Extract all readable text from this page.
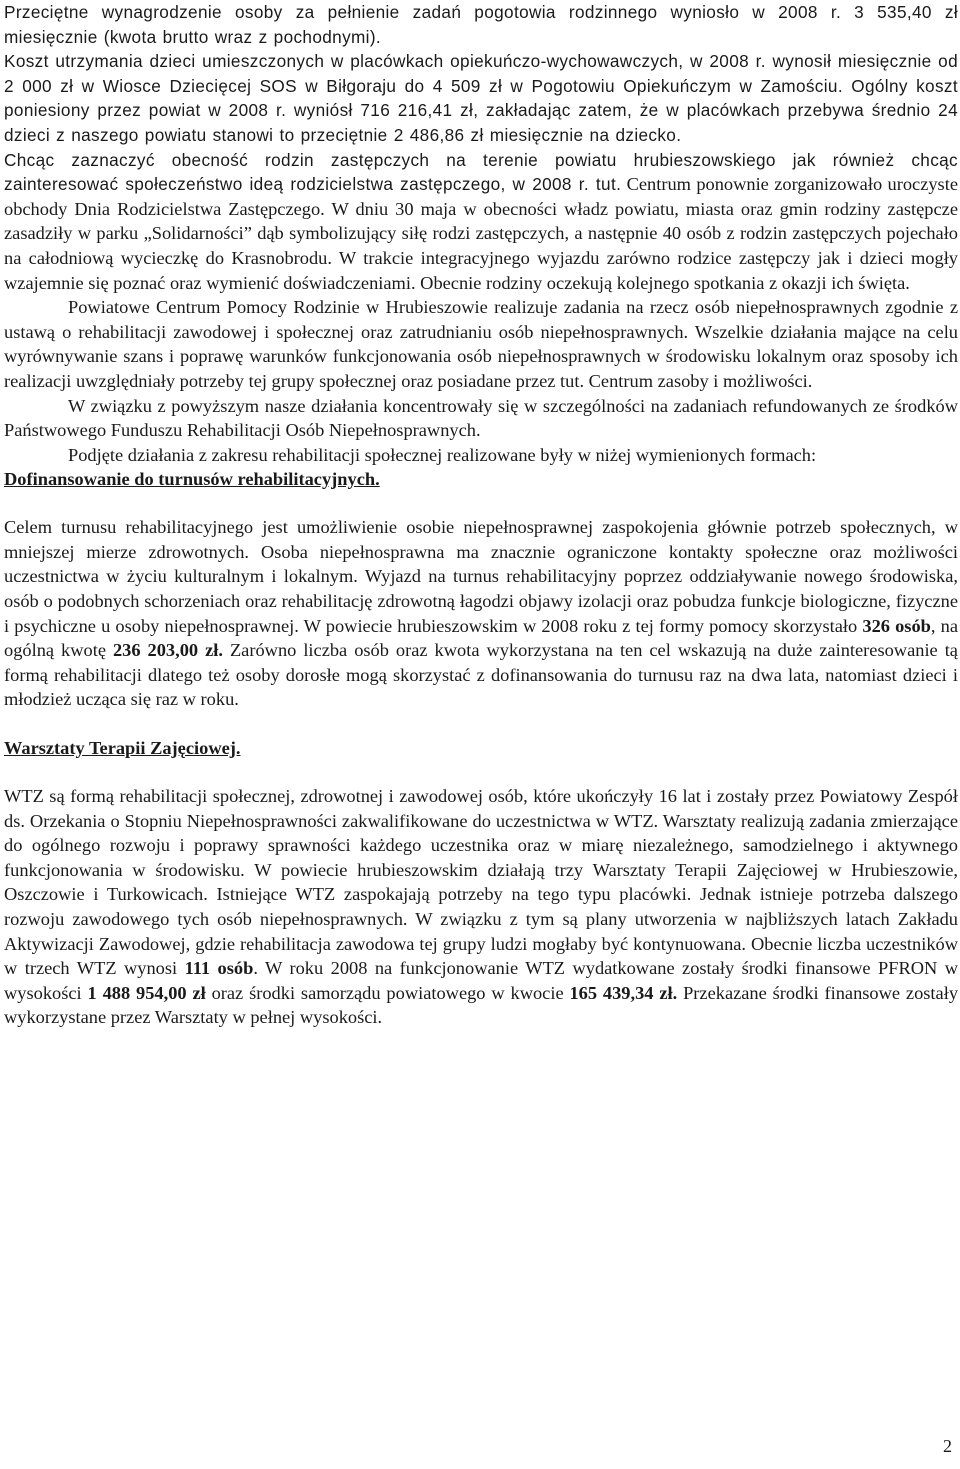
Przeciętne wynagrodzenie osoby za pełnienie zadań pogotowia rodzinnego wyniosło w 2008 r. 3 535,40 zł miesięcznie (kwota brutto wraz z pochodnymi).

Koszt utrzymania dzieci umieszczonych w placówkach opiekuńczo-wychowawczych, w 2008 r. wynosił miesięcznie od 2 000 zł w Wiosce Dziecięcej SOS w Biłgoraju do 4 509 zł w Pogotowiu Opiekuńczym w Zamościu. Ogólny koszt poniesiony przez powiat w 2008 r. wyniósł 716 216,41 zł, zakładając zatem, że w placówkach przebywa średnio 24 dzieci z naszego powiatu stanowi to przeciętnie 2 486,86 zł miesięcznie na dziecko.

Chcąc zaznaczyć obecność rodzin zastępczych na terenie powiatu hrubieszowskiego jak również chcąc zainteresować społeczeństwo ideą rodzicielstwa zastępczego, w 2008 r. tut. Centrum ponownie zorganizowało uroczyste obchody Dnia Rodzicielstwa Zastępczego. W dniu 30 maja w obecności władz powiatu, miasta oraz gmin rodziny zastępcze zasadziły w parku „Solidarności” dąb symbolizujący siłę rodzi zastępczych, a następnie 40 osób z rodzin zastępczych pojechało na całodniową wycieczkę do Krasnobrodu. W trakcie integracyjnego wyjazdu zarówno rodzice zastępczy jak i dzieci mogły wzajemnie się poznać oraz wymienić doświadczeniami. Obecnie rodziny oczekują kolejnego spotkania z okazji ich święta.

Powiatowe Centrum Pomocy Rodzinie w Hrubieszowie realizuje zadania na rzecz osób niepełnosprawnych zgodnie z ustawą o rehabilitacji zawodowej i społecznej oraz zatrudnianiu osób niepełnosprawnych. Wszelkie działania mające na celu wyrównywanie szans i poprawę warunków funkcjonowania osób niepełnosprawnych w środowisku lokalnym oraz sposoby ich realizacji uwzględniały potrzeby tej grupy społecznej oraz posiadane przez tut. Centrum zasoby i możliwości.

W związku z powyższym nasze działania koncentrowały się w szczególności na zadaniach refundowanych ze środków Państwowego Funduszu Rehabilitacji Osób Niepełnosprawnych.

Podjęte działania z zakresu rehabilitacji społecznej realizowane były w niżej wymienionych formach:

Dofinansowanie do turnusów rehabilitacyjnych.

Celem turnusu rehabilitacyjnego jest umożliwienie osobie niepełnosprawnej zaspokojenia głównie potrzeb społecznych, w mniejszej mierze zdrowotnych. Osoba niepełnosprawna ma znacznie ograniczone kontakty społeczne oraz możliwości uczestnictwa w życiu kulturalnym i lokalnym. Wyjazd na turnus rehabilitacyjny poprzez oddziaływanie nowego środowiska, osób o podobnych schorzeniach oraz rehabilitację zdrowotną łagodzi objawy izolacji oraz pobudza funkcje biologiczne, fizyczne i psychiczne u osoby niepełnosprawnej. W powiecie hrubieszowskim w 2008 roku z tej formy pomocy skorzystało 326 osób, na ogólną kwotę 236 203,00 zł. Zarówno liczba osób oraz kwota wykorzystana na ten cel wskazują na duże zainteresowanie tą formą rehabilitacji dlatego też osoby dorosłe mogą skorzystać z dofinansowania do turnusu raz na dwa lata, natomiast dzieci i młodzież ucząca się raz w roku.

Warsztaty Terapii Zajęciowej.

WTZ są formą rehabilitacji społecznej, zdrowotnej i zawodowej osób, które ukończyły 16 lat i zostały przez Powiatowy Zespół ds. Orzekania o Stopniu Niepełnosprawności zakwalifikowane do uczestnictwa w WTZ. Warsztaty realizują zadania zmierzające do ogólnego rozwoju i poprawy sprawności każdego uczestnika oraz w miarę niezależnego, samodzielnego i aktywnego funkcjonowania w środowisku. W powiecie hrubieszowskim działają trzy Warsztaty Terapii Zajęciowej w Hrubieszowie, Oszczowie i Turkowicach. Istniejące WTZ zaspokajają potrzeby na tego typu placówki. Jednak istnieje potrzeba dalszego rozwoju zawodowego tych osób niepełnosprawnych. W związku z tym są plany utworzenia w najbliższych latach Zakładu Aktywizacji Zawodowej, gdzie rehabilitacja zawodowa tej grupy ludzi mogłaby być kontynuowana. Obecnie liczba uczestników w trzech WTZ wynosi 111 osób. W roku 2008 na funkcjonowanie WTZ wydatkowane zostały środki finansowe PFRON w wysokości 1 488 954,00 zł oraz środki samorządu powiatowego w kwocie 165 439,34 zł. Przekazane środki finansowe zostały wykorzystane przez Warsztaty w pełnej wysokości.

2
